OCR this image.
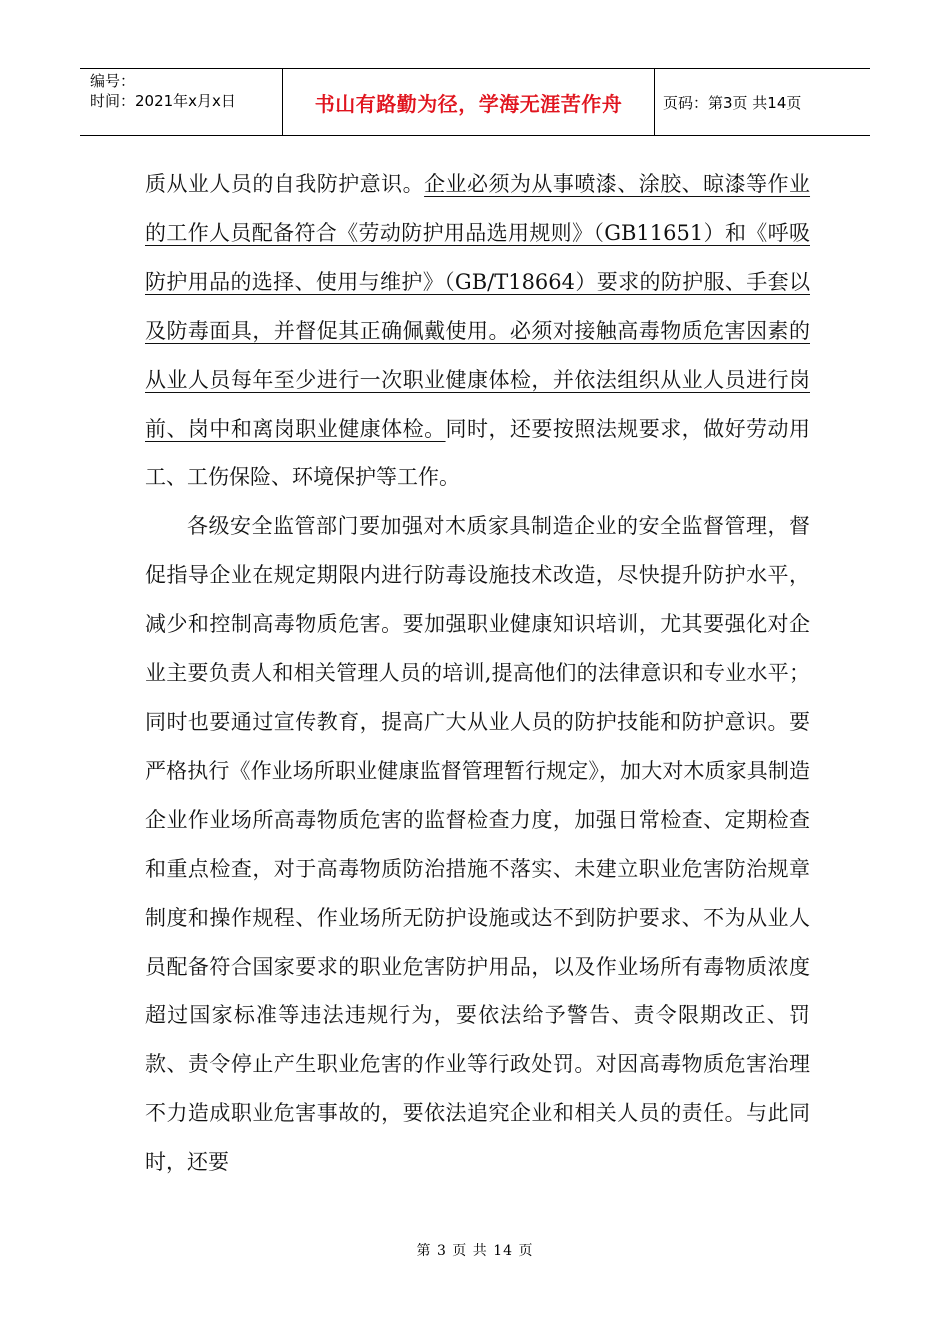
编号：
时间：2021年x月x日	书山有路勤为径，学海无涯苦作舟	页码：第3页 共14页

质从业人员的自我防护意识。企业必须为从事喷漆、涂胶、晾漆等作业的工作人员配备符合《劳动防护用品选用规则》（GB11651）和《呼吸防护用品的选择、使用与维护》（GB/T18664）要求的防护服、手套以及防毒面具，并督促其正确佩戴使用。必须对接触高毒物质危害因素的从业人员每年至少进行一次职业健康体检，并依法组织从业人员进行岗前、岗中和离岗职业健康体检。同时，还要按照法规要求，做好劳动用工、工伤保险、环境保护等工作。

各级安全监管部门要加强对木质家具制造企业的安全监督管理，督促指导企业在规定期限内进行防毒设施技术改造，尽快提升防护水平，减少和控制高毒物质危害。要加强职业健康知识培训，尤其要强化对企业主要负责人和相关管理人员的培训,提高他们的法律意识和专业水平；同时也要通过宣传教育，提高广大从业人员的防护技能和防护意识。要严格执行《作业场所职业健康监督管理暂行规定》，加大对木质家具制造企业作业场所高毒物质危害的监督检查力度，加强日常检查、定期检查和重点检查，对于高毒物质防治措施不落实、未建立职业危害防治规章制度和操作规程、作业场所无防护设施或达不到防护要求、不为从业人员配备符合国家要求的职业危害防护用品，以及作业场所有毒物质浓度超过国家标准等违法违规行为，要依法给予警告、责令限期改正、罚款、责令停止产生职业危害的作业等行政处罚。对因高毒物质危害治理不力造成职业危害事故的，要依法追究企业和相关人员的责任。与此同时，还要

第 3 页 共 14 页
